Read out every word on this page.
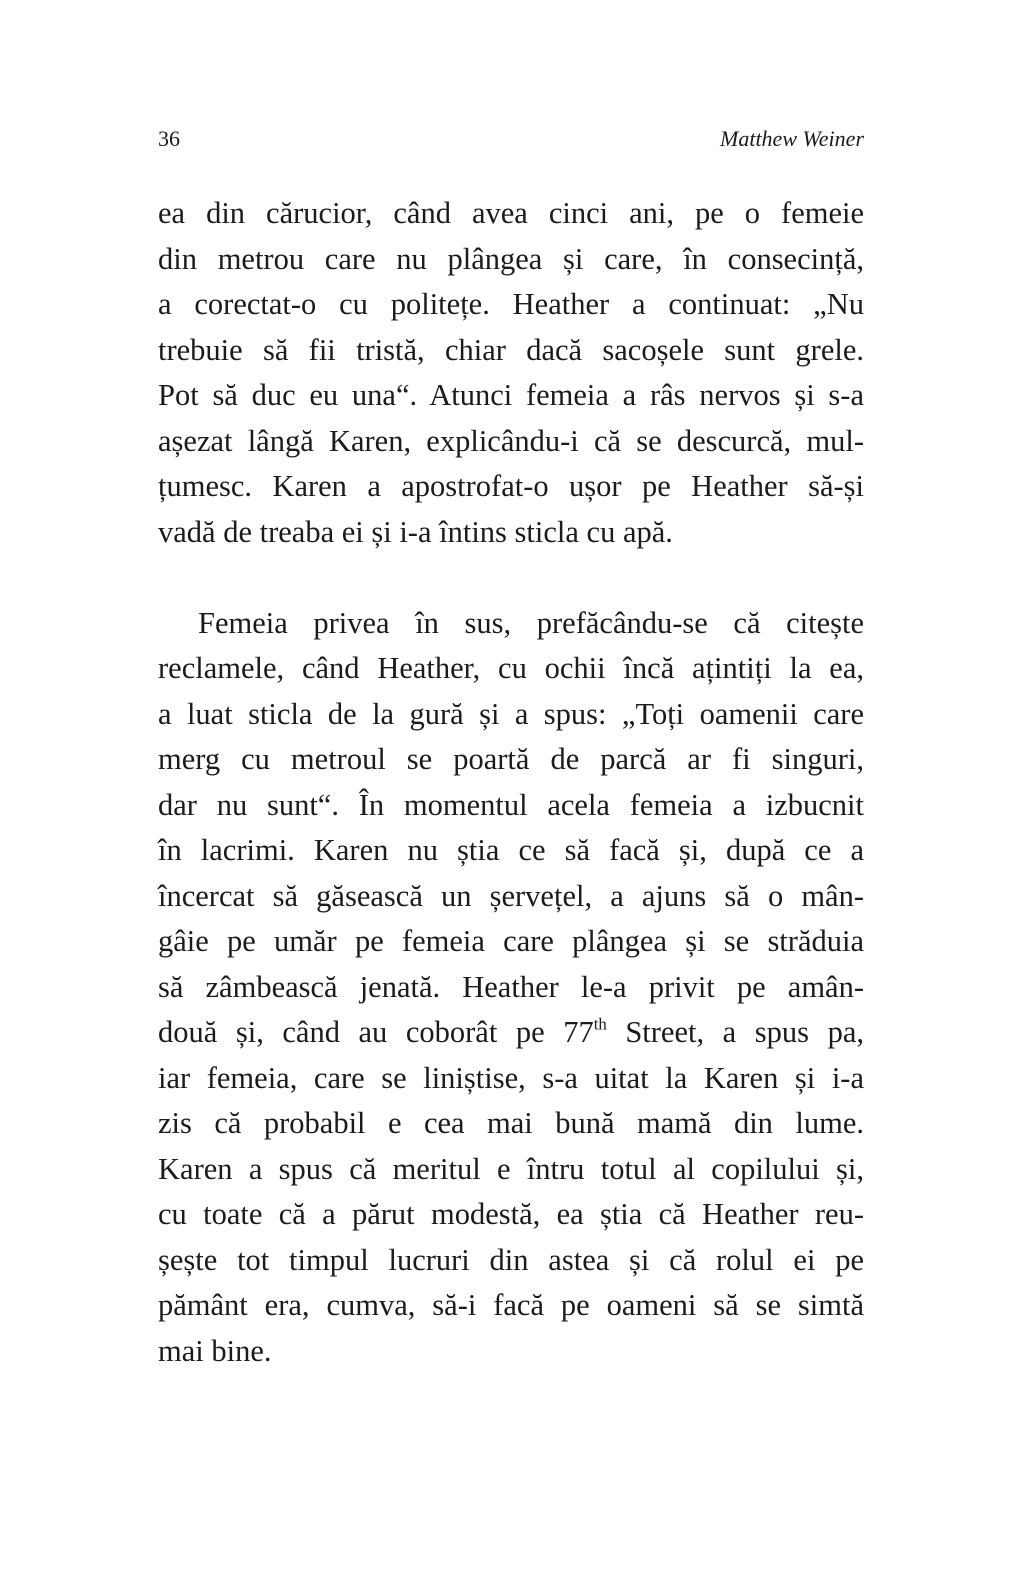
36	Matthew Weiner

ea din cărucior, când avea cinci ani, pe o femeie
din metrou care nu plângea și care, în consecință,
a corectat-o cu politețe. Heather a continuat: „Nu
trebuie să fii tristă, chiar dacă sacoșele sunt grele.
Pot să duc eu una“. Atunci femeia a râs nervos și s-a
așezat lângă Karen, explicându-i că se descurcă, mul-
țumesc. Karen a apostrofat-o ușor pe Heather să-și
vadă de treaba ei și i-a întins sticla cu apă.

Femeia privea în sus, prefăcându-se că citește
reclamele, când Heather, cu ochii încă ațintiți la ea,
a luat sticla de la gură și a spus: „Toți oamenii care
merg cu metroul se poartă de parcă ar fi singuri,
dar nu sunt“. În momentul acela femeia a izbucnit
în lacrimi. Karen nu știa ce să facă și, după ce a
încercat să găsească un șervețel, a ajuns să o mân-
gâie pe umăr pe femeia care plângea și se străduia
să zâmbească jenată. Heather le-a privit pe amân-
două și, când au coborât pe 77th Street, a spus pa,
iar femeia, care se liniștise, s-a uitat la Karen și i-a
zis că probabil e cea mai bună mamă din lume.
Karen a spus că meritul e întru totul al copilului și,
cu toate că a părut modestă, ea știa că Heather reu-
șește tot timpul lucruri din astea și că rolul ei pe
pământ era, cumva, să-i facă pe oameni să se simtă
mai bine.
